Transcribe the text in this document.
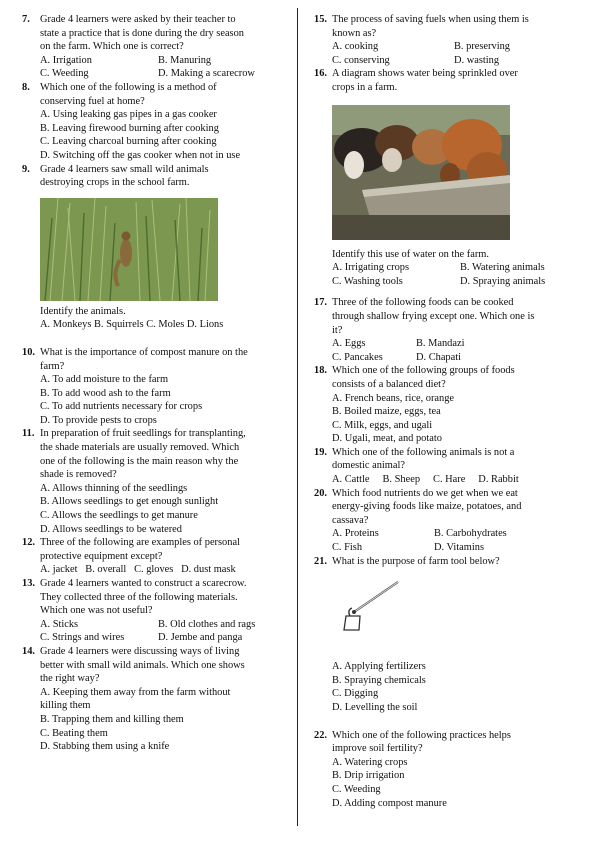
7. Grade 4 learners were asked by their teacher to
state a practice that is done during the dry season
on the farm. Which one is correct?
A. Irrigation	B. Manuring
C. Weeding	D. Making a scarecrow
8. Which one of the following is a method of
conserving fuel at home?
A. Using leaking gas pipes in a gas cooker
B. Leaving firewood burning after cooking
C. Leaving charcoal burning after cooking
D. Switching off the gas cooker when not in use
9. Grade 4 learners saw small wild animals
destroying crops in the school farm.
Identify the animals.
A. Monkeys B. Squirrels C. Moles D. Lions
10. What is the importance of compost manure on the
farm?
A. To add moisture to the farm
B. To add wood ash to the farm
C. To add nutrients necessary for crops
D. To provide pests to crops
11. In preparation of fruit seedlings for transplanting,
the shade materials are usually removed. Which
one of the following is the main reason why the
shade is removed?
A. Allows thinning of the seedlings
B. Allows seedlings to get enough sunlight
C. Allows the seedlings to get manure
D. Allows seedlings to be watered
12. Three of the following are examples of personal
protective equipment except?
A. jacket   B. overall   C. gloves   D. dust mask
13. Grade 4 learners wanted to construct a scarecrow.
They collected three of the following materials.
Which one was not useful?
A. Sticks	B. Old clothes and rags
C. Strings and wires	D. Jembe and panga
14. Grade 4 learners were discussing ways of living
better with small wild animals. Which one shows
the right way?
A. Keeping them away from the farm without
killing them
B. Trapping them and killing them
C. Beating them
D. Stabbing them using a knife
15. The process of saving fuels when using them is
known as?
A. cooking	B. preserving
C. conserving	D. wasting
16. A diagram shows water being sprinkled over
crops in a farm.
Identify this use of water on the farm.
A. Irrigating crops	B. Watering animals
C. Washing tools	D. Spraying animals
17. Three of the following foods can be cooked
through shallow frying except one. Which one is
it?
A. Eggs	B. Mandazi
C. Pancakes	D. Chapati
18. Which one of the following groups of foods
consists of a balanced diet?
A. French beans, rice, orange
B. Boiled maize, eggs, tea
C. Milk, eggs, and ugali
D. Ugali, meat, and potato
19. Which one of the following animals is not a
domestic animal?
A. Cattle     B. Sheep     C. Hare     D. Rabbit
20. Which food nutrients do we get when we eat
energy-giving foods like maize, potatoes, and
cassava?
A. Proteins	B. Carbohydrates
C. Fish	D. Vitamins
21. What is the purpose of farm tool below?
A. Applying fertilizers
B. Spraying chemicals
C. Digging
D. Levelling the soil
22. Which one of the following practices helps
improve soil fertility?
A. Watering crops
B. Drip irrigation
C. Weeding
D. Adding compost manure
